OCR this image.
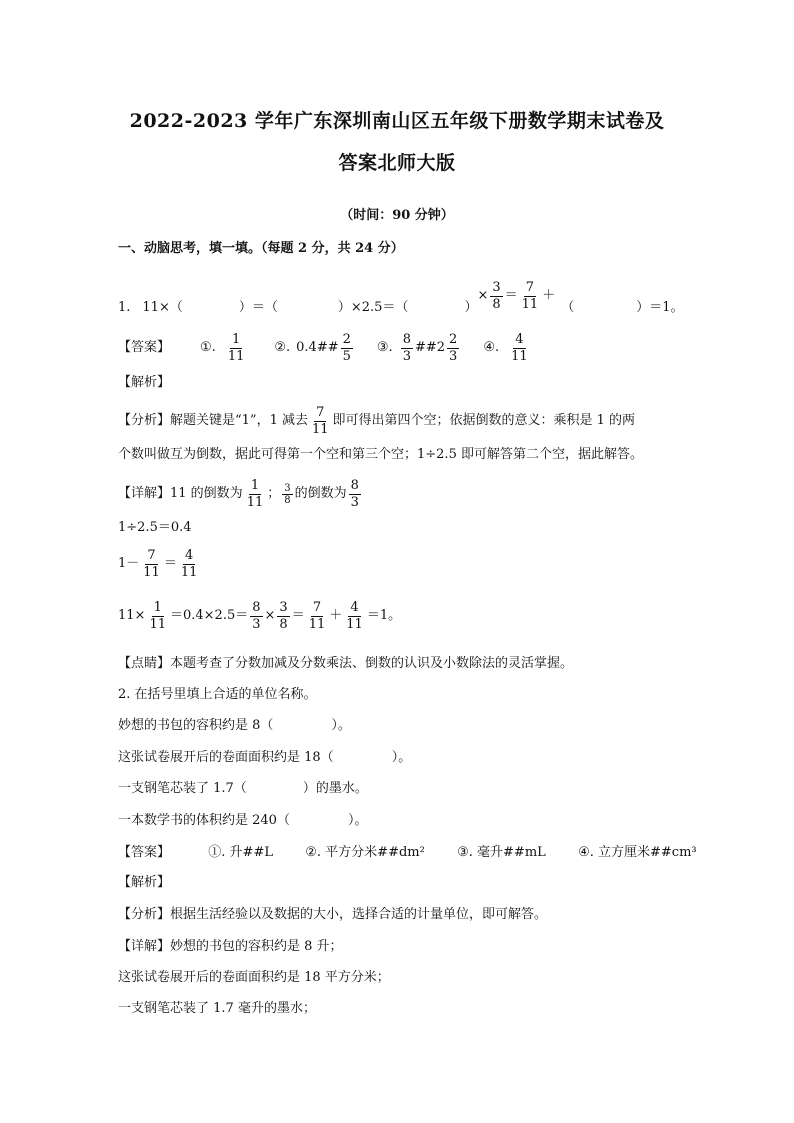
2022-2023 学年广东深圳南山区五年级下册数学期末试卷及
答案北师大版
（时间：90 分钟）
一、动脑思考，填一填。（每题 2 分，共 24 分）
1. 11×（	）＝（	）×2.5＝（	）
× $\frac{3}{8} = \frac{7}{11}$ ＋
（	）＝1。
【答案】 ①. $\frac{1}{11}$ ②. 0.4## $\frac{2}{5}$ ③. $\frac{8}{3}$ ##2 $\frac{2}{3}$ ④. $\frac{4}{11}$
【解析】
【分析】解题关键是“1”，1 减去 $\frac{7}{11}$ 即可得出第四个空；依据倒数的意义：乘积是 1 的两
个数叫做互为倒数，据此可得第一个空和第三个空；1÷2.5 即可解答第二个空，据此解答。
【详解】11 的倒数为 $\frac{1}{11}$ ； $\frac{3}{8}$ 的倒数为 $\frac{8}{3}$
1÷2.5＝0.4
$1- \frac{7}{11} = \frac{4}{11}$
$11\times \frac{1}{11} =0.4\times 2.5= \frac{8}{3} \times \frac{3}{8} = \frac{7}{11} + \frac{4}{11} =1$。
【点睛】本题考查了分数加减及分数乘法、倒数的认识及小数除法的灵活掌握。
2. 在括号里填上合适的单位名称。
妙想的书包的容积约是 8（	）。
这张试卷展开后的卷面面积约是 18（	）。
一支钢笔芯装了 1.7（	）的墨水。
一本数学书的体积约是 240（	）。
【答案】	①. 升##L ②. 平方分米##dm² ③. 毫升##mL ④. 立方厘米##cm³
【解析】
【分析】根据生活经验以及数据的大小，选择合适的计量单位，即可解答。
【详解】妙想的书包的容积约是 8 升；
这张试卷展开后的卷面面积约是 18 平方分米；
一支钢笔芯装了 1.7 毫升的墨水；
